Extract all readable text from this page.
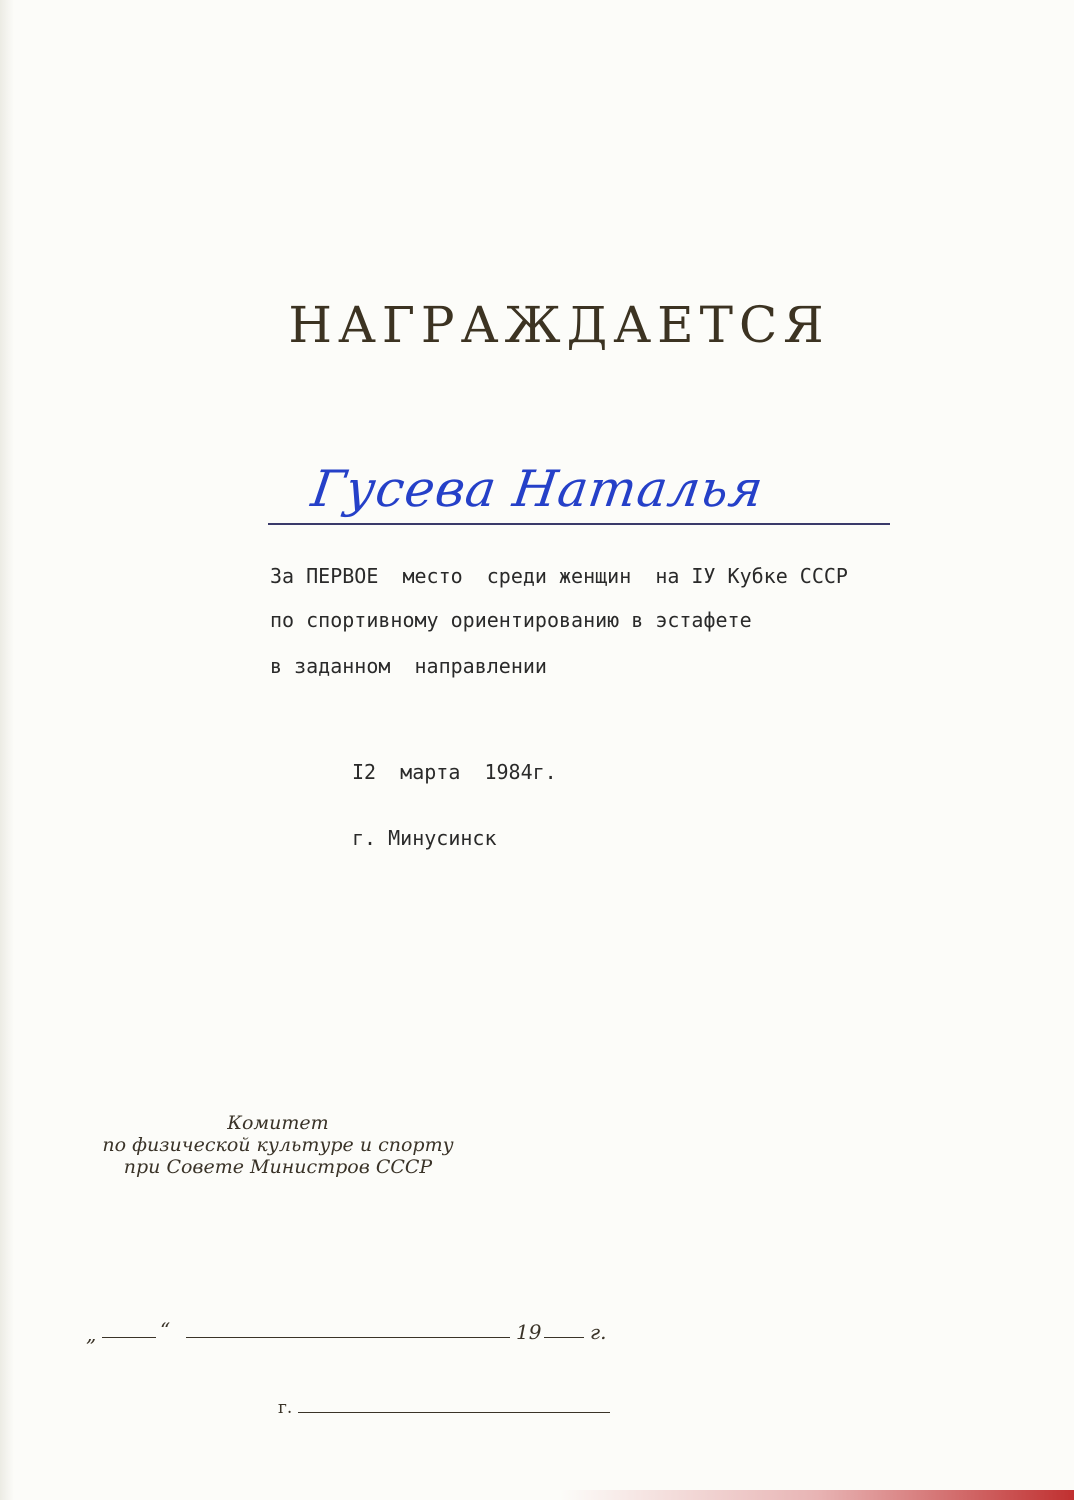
НАГРАЖДАЕТСЯ
Гусева Наталья
За ПЕРВОЕ  место  среди женщин  на IУ Кубке СССР
по спортивному ориентированию в эстафете
в заданном  направлении
I2  марта  1984г.
г. Минусинск
Комитет
по физической культуре и спорту
при Совете Министров СССР
„	“	19 г.
г.
